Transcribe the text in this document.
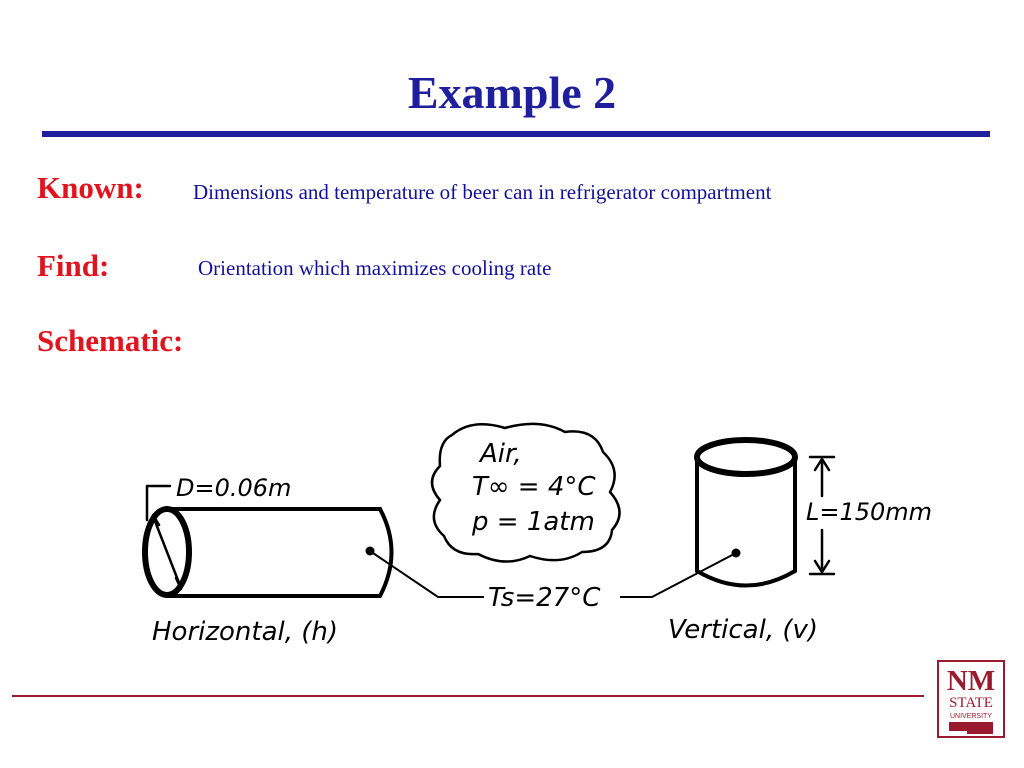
Example 2
Known: Dimensions and temperature of beer can in refrigerator compartment
Find:	Orientation which maximizes cooling rate
Schematic:
D=0.06m
Air,
T∞ = 4°C
p = 1atm
Ts=27°C
L=150mm
Horizontal, (h)	Vertical, (v)
NM
STATE
UNIVERSITY
